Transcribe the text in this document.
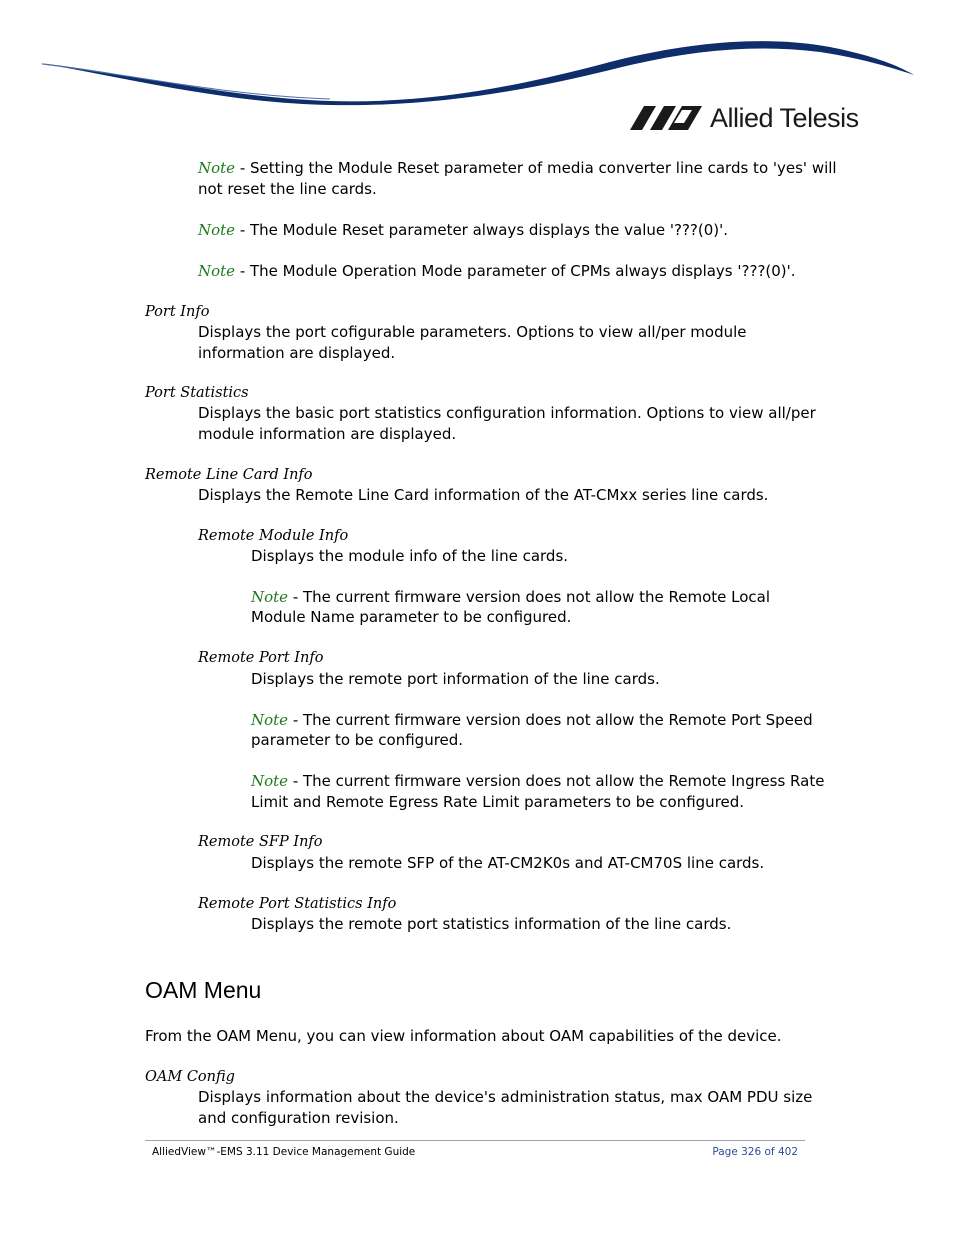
Allied Telesis
Note - Setting the Module Reset parameter of media converter line cards to 'yes' will
not reset the line cards.
Note - The Module Reset parameter always displays the value '???(0)'.
Note - The Module Operation Mode parameter of CPMs always displays '???(0)'.
Port Info
Displays the port cofigurable parameters. Options to view all/per module
information are displayed.
Port Statistics
Displays the basic port statistics configuration information. Options to view all/per
module information are displayed.
Remote Line Card Info
Displays the Remote Line Card information of the AT-CMxx series line cards.
Remote Module Info
Displays the module info of the line cards.
Note - The current firmware version does not allow the Remote Local
Module Name parameter to be configured.
Remote Port Info
Displays the remote port information of the line cards.
Note - The current firmware version does not allow the Remote Port Speed
parameter to be configured.
Note - The current firmware version does not allow the Remote Ingress Rate
Limit and Remote Egress Rate Limit parameters to be configured.
Remote SFP Info
Displays the remote SFP of the AT-CM2K0s and AT-CM70S line cards.
Remote Port Statistics Info
Displays the remote port statistics information of the line cards.
OAM Menu
From the OAM Menu, you can view information about OAM capabilities of the device.
OAM Config
Displays information about the device's administration status, max OAM PDU size
and configuration revision.
AlliedView™-EMS 3.11 Device Management Guide	Page 326 of 402
